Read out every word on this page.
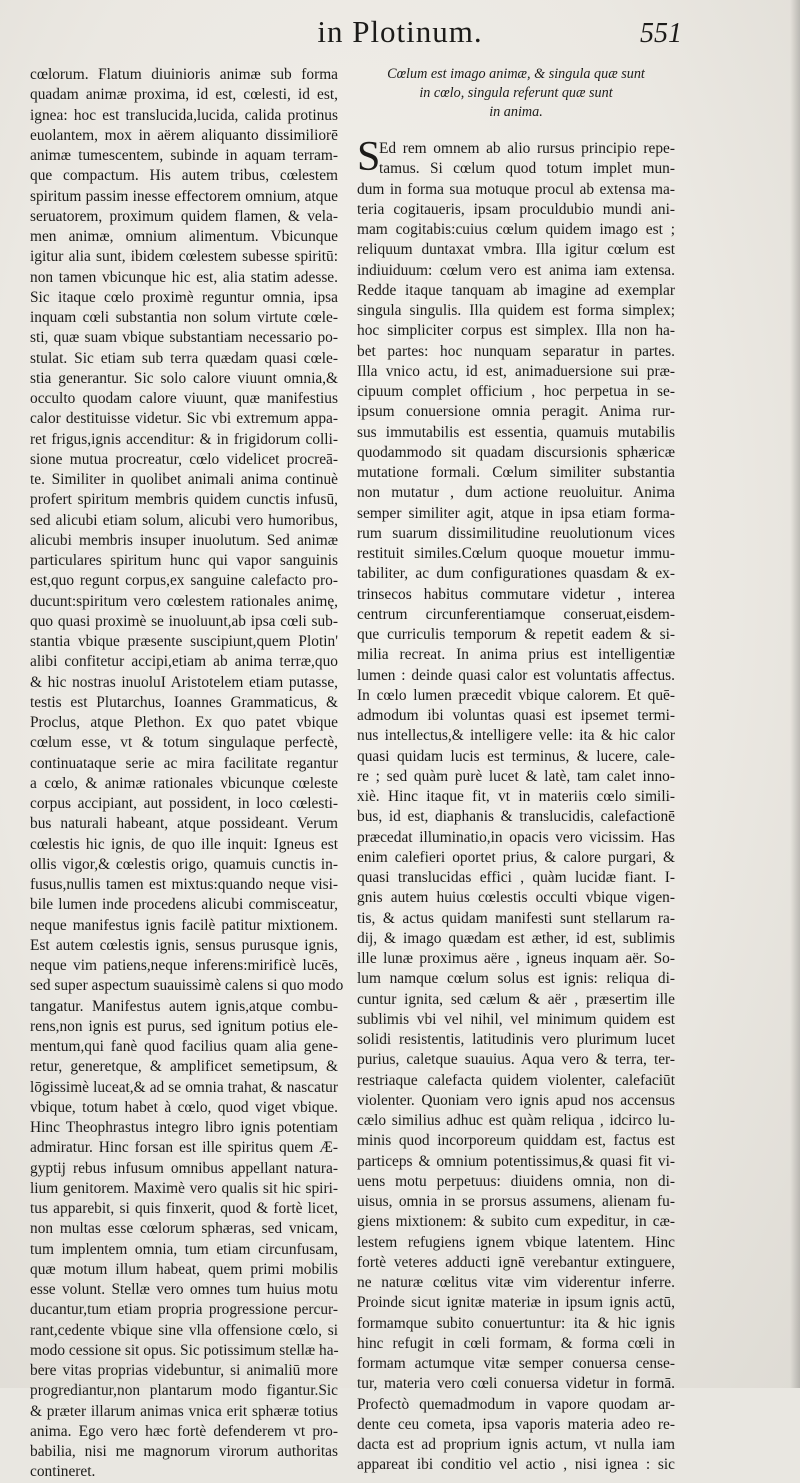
in Plotinum.	551
cœlorum. Flatum diuinioris animæ sub forma
quadam animæ proxima, id est, cœlesti, id est,
ignea: hoc est translucida,lucida, calida protinus
euolantem, mox in aërem aliquanto dissimiliorē
animæ tumescentem, subinde in aquam terram-
que compactum. His autem tribus, cœlestem
spiritum passim inesse effectorem omnium, atque
seruatorem, proximum quidem flamen, & vela-
men animæ, omnium alimentum. Vbicunque
igitur alia sunt, ibidem cœlestem subesse spiritū:
non tamen vbicunque hic est, alia statim adesse.
Sic itaque cœlo proximè reguntur omnia, ipsa
inquam cœli substantia non solum virtute cœle-
sti, quæ suam vbique substantiam necessario po-
stulat. Sic etiam sub terra quædam quasi cœle-
stia generantur. Sic solo calore viuunt omnia,&
occulto quodam calore viuunt, quæ manifestius
calor destituisse videtur. Sic vbi extremum appa-
ret frigus,ignis accenditur: & in frigidorum colli-
sione mutua procreatur, cœlo videlicet procreā-
te. Similiter in quolibet animali anima continuè
profert spiritum membris quidem cunctis infusū,
sed alicubi etiam solum, alicubi vero humoribus,
alicubi membris insuper inuolutum. Sed animæ
particulares spiritum hunc qui vapor sanguinis
est,quo regunt corpus,ex sanguine calefacto pro-
ducunt:spiritum vero cœlestem rationales animę,
quo quasi proximè se inuoluunt,ab ipsa cœli sub-
stantia vbique præsente suscipiunt,quem Plotin'
alibi confitetur accipi,etiam ab anima terræ,quo
& hic nostras inuoluI Aristotelem etiam putasse,
testis est Plutarchus, Ioannes Grammaticus, &
Proclus, atque Plethon. Ex quo patet vbique
cœlum esse, vt & totum singulaque perfectè,
continuataque serie ac mira facilitate regantur
a cœlo, & animæ rationales vbicunque cœleste
corpus accipiant, aut possident, in loco cœlesti-
bus naturali habeant, atque possideant. Verum
cœlestis hic ignis, de quo ille inquit: Igneus est
ollis vigor,& cœlestis origo, quamuis cunctis in-
fusus,nullis tamen est mixtus:quando neque visi-
bile lumen inde procedens alicubi commisceatur,
neque manifestus ignis facilè patitur mixtionem.
Est autem cœlestis ignis, sensus purusque ignis,
neque vim patiens,neque inferens:mirificè lucēs,
sed super aspectum suauissimè calens si quo modo
tangatur. Manifestus autem ignis,atque combu-
rens,non ignis est purus, sed ignitum potius ele-
mentum,qui fanè quod facilius quam alia gene-
retur, generetque, & amplificet semetipsum, &
lōgissimè luceat,& ad se omnia trahat, & nascatur
vbique, totum habet à cœlo, quod viget vbique.
Hinc Theophrastus integro libro ignis potentiam
admiratur. Hinc forsan est ille spiritus quem Æ-
gyptij rebus infusum omnibus appellant natura-
lium genitorem. Maximè vero qualis sit hic spiri-
tus apparebit, si quis finxerit, quod & fortè licet,
non multas esse cœlorum sphæras, sed vnicam,
tum implentem omnia, tum etiam circunfusam,
quæ motum illum habeat, quem primi mobilis
esse volunt. Stellæ vero omnes tum huius motu
ducantur,tum etiam propria progressione percur-
rant,cedente vbique sine vlla offensione cœlo, si
modo cessione sit opus. Sic potissimum stellæ ha-
bere vitas proprias videbuntur, si animaliū more
progrediantur,non plantarum modo figantur.Sic
& præter illarum animas vnica erit sphæræ totius
anima. Ego vero hæc fortè defenderem vt pro-
babilia, nisi me magnorum virorum authoritas
contineret.
Cœlum est imago animæ, & singula quæ sunt
in cœlo, singula referunt quæ sunt
in anima.
S
Ed rem omnem ab alio rursus principio repe-
tamus. Si cœlum quod totum implet mun-
dum in forma sua motuque procul ab extensa ma-
teria cogitaueris, ipsam proculdubio mundi ani-
mam cogitabis:cuius cœlum quidem imago est ;
reliquum duntaxat vmbra. Illa igitur cœlum est
indiuiduum: cœlum vero est anima iam extensa.
Redde itaque tanquam ab imagine ad exemplar
singula singulis. Illa quidem est forma simplex;
hoc simpliciter corpus est simplex. Illa non ha-
bet partes: hoc nunquam separatur in partes.
Illa vnico actu, id est, animaduersione sui præ-
cipuum complet officium , hoc perpetua in se-
ipsum conuersione omnia peragit. Anima rur-
sus immutabilis est essentia, quamuis mutabilis
quodammodo sit quadam discursionis sphæricæ
mutatione formali. Cœlum similiter substantia
non mutatur , dum actione reuoluitur. Anima
semper similiter agit, atque in ipsa etiam forma-
rum suarum dissimilitudine reuolutionum vices
restituit similes.Cœlum quoque mouetur immu-
tabiliter, ac dum configurationes quasdam & ex-
trinsecos habitus commutare videtur , interea
centrum circunferentiamque conseruat,eisdem-
que curriculis temporum & repetit eadem & si-
milia recreat. In anima prius est intelligentiæ
lumen : deinde quasi calor est voluntatis affectus.
In cœlo lumen præcedit vbique calorem. Et quē-
admodum ibi voluntas quasi est ipsemet termi-
nus intellectus,& intelligere velle: ita & hic calor
quasi quidam lucis est terminus, & lucere, cale-
re ; sed quàm purè lucet & latè, tam calet inno-
xiè. Hinc itaque fit, vt in materiis cœlo simili-
bus, id est, diaphanis & translucidis, calefactionē
præcedat illuminatio,in opacis vero vicissim. Has
enim calefieri oportet prius, & calore purgari, &
quasi translucidas effici , quàm lucidæ fiant. I-
gnis autem huius cœlestis occulti vbique vigen-
tis, & actus quidam manifesti sunt stellarum ra-
dij, & imago quædam est æther, id est, sublimis
ille lunæ proximus aëre , igneus inquam aër. So-
lum namque cœlum solus est ignis: reliqua di-
cuntur ignita, sed cælum & aër , præsertim ille
sublimis vbi vel nihil, vel minimum quidem est
solidi resistentis, latitudinis vero plurimum lucet
purius, caletque suauius. Aqua vero & terra, ter-
restriaque calefacta quidem violenter, calefaciūt
violenter. Quoniam vero ignis apud nos accensus
cælo similius adhuc est quàm reliqua , idcirco lu-
minis quod incorporeum quiddam est, factus est
particeps & omnium potentissimus,& quasi fit vi-
uens motu perpetuus: diuidens omnia, non di-
uisus, omnia in se prorsus assumens, alienam fu-
giens mixtionem: & subito cum expeditur, in cæ-
lestem refugiens ignem vbique latentem. Hinc
fortè veteres adducti ignē verebantur extinguere,
ne naturæ cœlitus vitæ vim viderentur inferre.
Proinde sicut ignitæ materiæ in ipsum ignis actū,
formamque subito conuertuntur: ita & hic ignis
hinc refugit in cœli formam, & forma cœli in
formam actumque vitæ semper conuersa cense-
tur, materia vero cœli conuersa videtur in formā.
Profectò quemadmodum in vapore quodam ar-
dente ceu cometa, ipsa vaporis materia adeo re-
dacta est ad proprium ignis actum, vt nulla iam
appareat ibi conditio vel actio , nisi ignea : sic
